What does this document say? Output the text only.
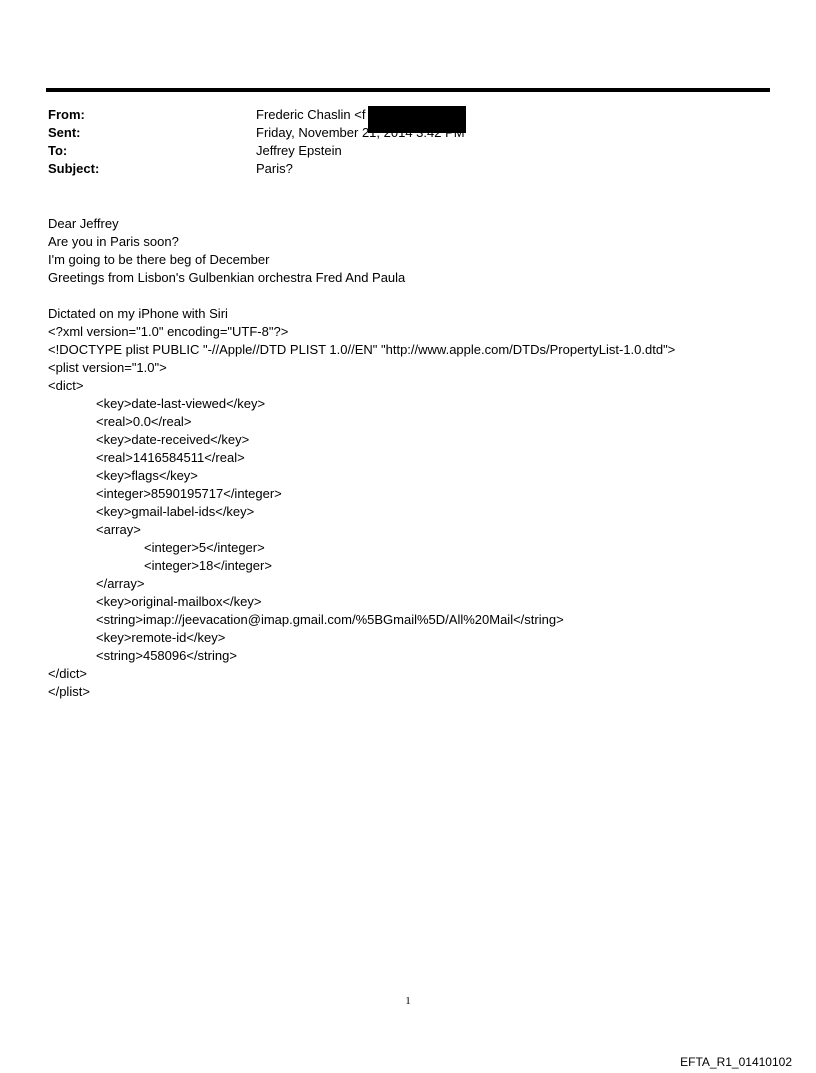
From:	Frederic Chaslin <f
Sent:	Friday, November 21, 2014 3:42 PM
To:	Jeffrey Epstein
Subject:	Paris?
Dear Jeffrey
Are you in Paris soon?
I'm going to be there beg of December
Greetings from Lisbon's Gulbenkian orchestra Fred And Paula
Dictated on my iPhone with Siri
<?xml version="1.0" encoding="UTF-8"?>
<!DOCTYPE plist PUBLIC "-//Apple//DTD PLIST 1.0//EN" "http://www.apple.com/DTDs/PropertyList-1.0.dtd">
<plist version="1.0">
<dict>
<key>date-last-viewed</key>
<real>0.0</real>
<key>date-received</key>
<real>1416584511</real>
<key>flags</key>
<integer>8590195717</integer>
<key>gmail-label-ids</key>
<array>
<integer>5</integer>
<integer>18</integer>
</array>
<key>original-mailbox</key>
<string>imap://jeevacation@imap.gmail.com/%5BGmail%5D/All%20Mail</string>
<key>remote-id</key>
<string>458096</string>
</dict>
</plist>
1
EFTA_R1_01410102
